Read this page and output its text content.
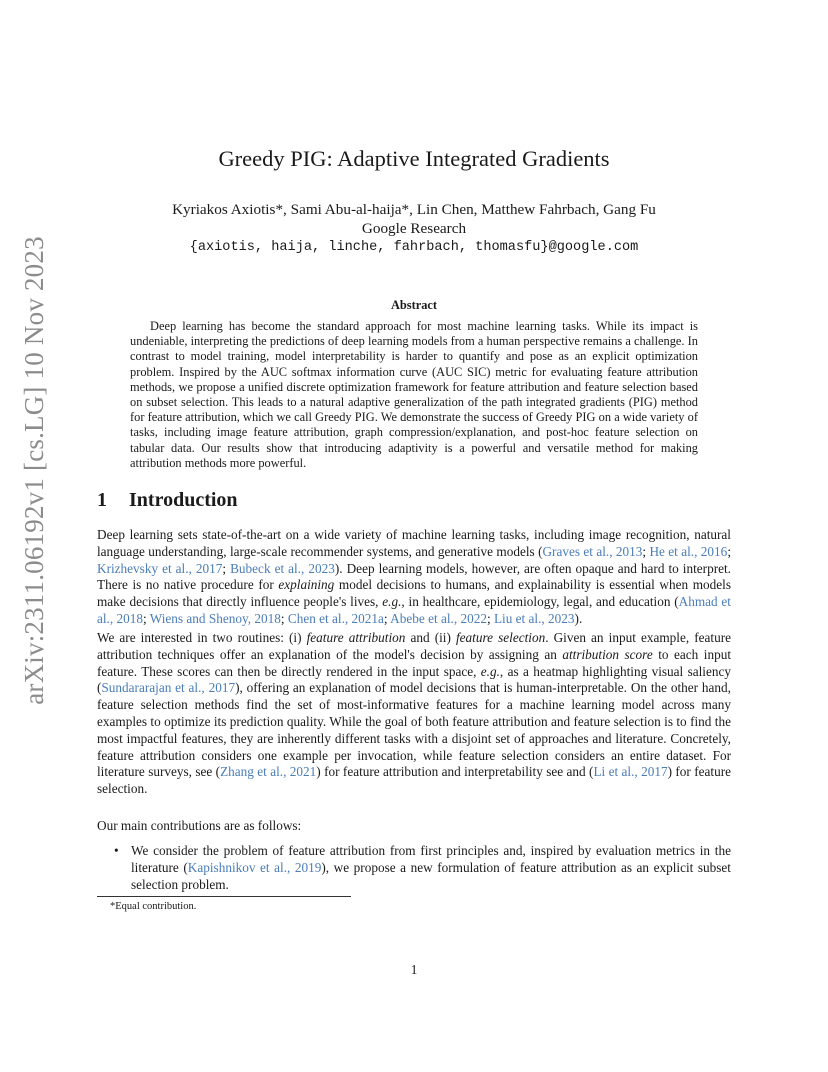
arXiv:2311.06192v1 [cs.LG] 10 Nov 2023
Greedy PIG: Adaptive Integrated Gradients
Kyriakos Axiotis*, Sami Abu-al-haija*, Lin Chen, Matthew Fahrbach, Gang Fu
Google Research
{axiotis, haija, linche, fahrbach, thomasfu}@google.com
Abstract

Deep learning has become the standard approach for most machine learning tasks. While its impact is undeniable, interpreting the predictions of deep learning models from a human perspective remains a challenge. In contrast to model training, model interpretability is harder to quantify and pose as an explicit optimization problem. Inspired by the AUC softmax information curve (AUC SIC) metric for evaluating feature attribution methods, we propose a unified discrete optimization framework for feature attribution and feature selection based on subset selection. This leads to a natural adaptive generalization of the path integrated gradients (PIG) method for feature attribution, which we call Greedy PIG. We demonstrate the success of Greedy PIG on a wide variety of tasks, including image feature attribution, graph compression/explanation, and post-hoc feature selection on tabular data. Our results show that introducing adaptivity is a powerful and versatile method for making attribution methods more powerful.

1 Introduction

Deep learning sets state-of-the-art on a wide variety of machine learning tasks, including image recognition, natural language understanding, large-scale recommender systems, and generative models (Graves et al., 2013; He et al., 2016; Krizhevsky et al., 2017; Bubeck et al., 2023). Deep learning models, however, are often opaque and hard to interpret. There is no native procedure for explaining model decisions to humans, and explainability is essential when models make decisions that directly influence people's lives, e.g., in healthcare, epidemiology, legal, and education (Ahmad et al., 2018; Wiens and Shenoy, 2018; Chen et al., 2021a; Abebe et al., 2022; Liu et al., 2023).

We are interested in two routines: (i) feature attribution and (ii) feature selection. Given an input example, feature attribution techniques offer an explanation of the model's decision by assigning an attribution score to each input feature. These scores can then be directly rendered in the input space, e.g., as a heatmap highlighting visual saliency (Sundararajan et al., 2017), offering an explanation of model decisions that is human-interpretable. On the other hand, feature selection methods find the set of most-informative features for a machine learning model across many examples to optimize its prediction quality. While the goal of both feature attribution and feature selection is to find the most impactful features, they are inherently different tasks with a disjoint set of approaches and literature. Concretely, feature attribution considers one example per invocation, while feature selection considers an entire dataset. For literature surveys, see (Zhang et al., 2021) for feature attribution and interpretability see and (Li et al., 2017) for feature selection.

Our main contributions are as follows:

• We consider the problem of feature attribution from first principles and, inspired by evaluation metrics in the literature (Kapishnikov et al., 2019), we propose a new formulation of feature attribution as an explicit subset selection problem.
*Equal contribution.
1
